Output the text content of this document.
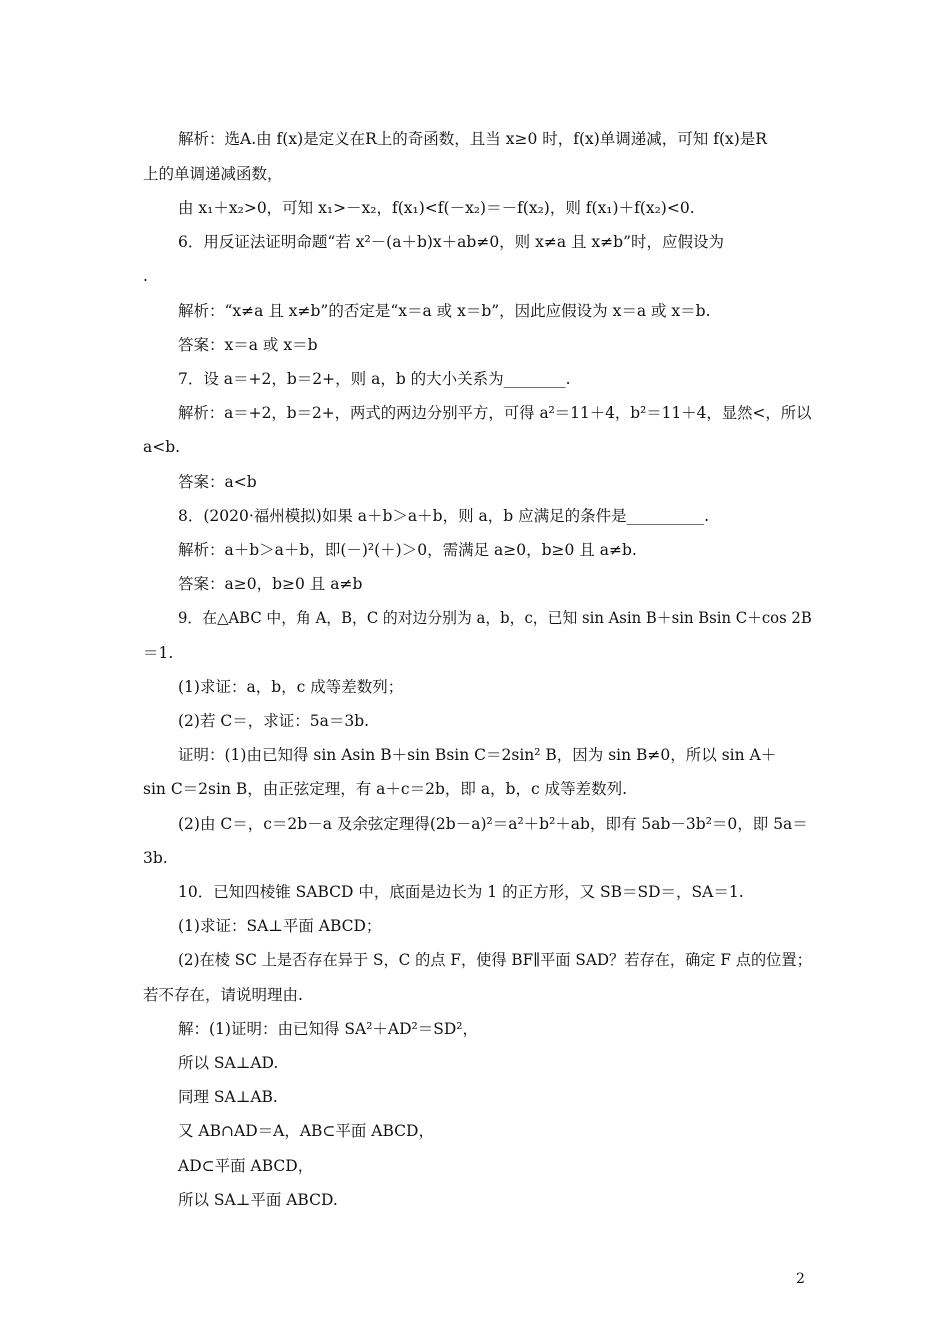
解析：选A.由 f(x)是定义在R上的奇函数，且当 x≥0 时，f(x)单调递减，可知 f(x)是R
上的单调递减函数，
由 x₁＋x₂>0，可知 x₁>－x₂，f(x₁)<f(－x₂)＝－f(x₂)，则 f(x₁)＋f(x₂)<0.
6．用反证法证明命题“若 x²－(a＋b)x＋ab≠0，则 x≠a 且 x≠b”时，应假设为
.
解析：“x≠a 且 x≠b”的否定是“x＝a 或 x＝b”，因此应假设为 x＝a 或 x＝b.
答案：x＝a 或 x＝b
7．设 a＝+2，b＝2+，则 a，b 的大小关系为________.
解析：a＝+2，b＝2+，两式的两边分别平方，可得 a²＝11＋4，b²＝11＋4，显然<，所以
a<b.
答案：a<b
8．(2020·福州模拟)如果 a＋b＞a＋b，则 a，b 应满足的条件是__________.
解析：a＋b＞a＋b，即(－)²(＋)＞0，需满足 a≥0，b≥0 且 a≠b.
答案：a≥0，b≥0 且 a≠b
9．在△ABC 中，角 A，B，C 的对边分别为 a，b，c，已知 sin Asin B＋sin Bsin C＋cos 2B
＝1.
(1)求证：a，b，c 成等差数列；
(2)若 C＝，求证：5a＝3b.
证明：(1)由已知得 sin Asin B＋sin Bsin C＝2sin² B，因为 sin B≠0，所以 sin A＋
sin C＝2sin B，由正弦定理，有 a＋c＝2b，即 a，b，c 成等差数列.
(2)由 C＝，c＝2b－a 及余弦定理得(2b－a)²＝a²＋b²＋ab，即有 5ab－3b²＝0，即 5a＝
3b.
10．已知四棱锥 SABCD 中，底面是边长为 1 的正方形，又 SB＝SD＝，SA＝1.
(1)求证：SA⊥平面 ABCD；
(2)在棱 SC 上是否存在异于 S，C 的点 F，使得 BF∥平面 SAD？若存在，确定 F 点的位置；
若不存在，请说明理由.
解：(1)证明：由已知得 SA²＋AD²＝SD²，
所以 SA⊥AD.
同理 SA⊥AB.
又 AB∩AD＝A，AB⊂平面 ABCD，
AD⊂平面 ABCD，
所以 SA⊥平面 ABCD.
2
